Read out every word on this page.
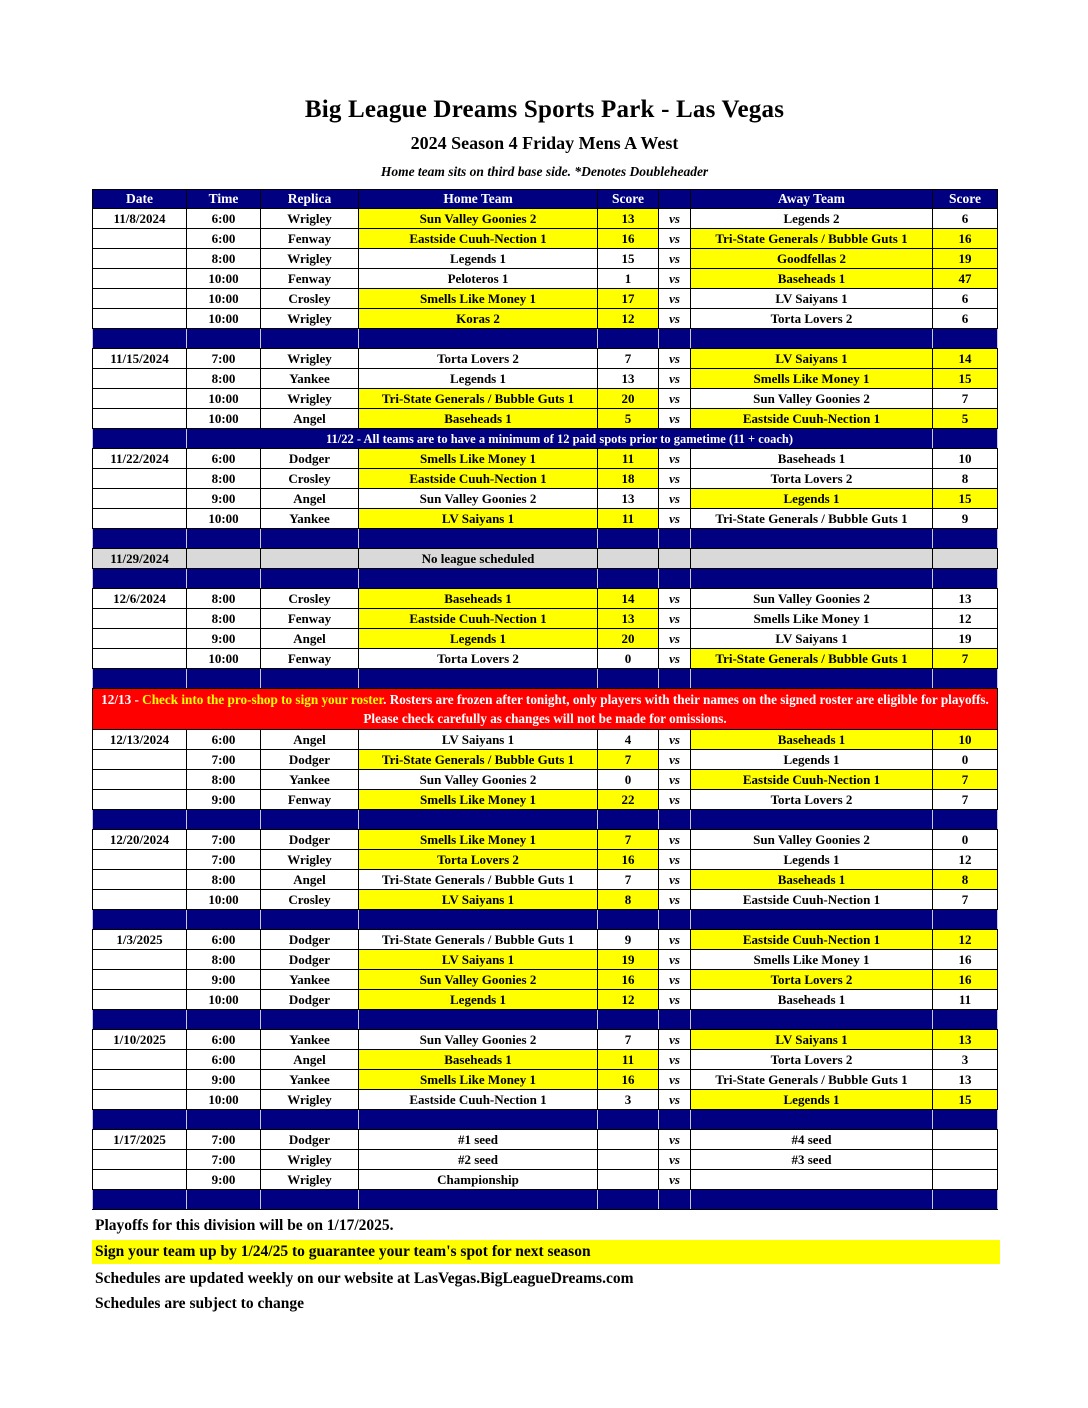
Big League Dreams Sports Park - Las Vegas
2024 Season 4 Friday Mens A West
Home team sits on third base side. *Denotes Doubleheader
Date	Time	Replica	Home Team	Score		Away Team	Score
11/8/2024	6:00	Wrigley	Sun Valley Goonies 2	13	vs	Legends 2	6
	6:00	Fenway	Eastside Cuuh-Nection 1	16	vs	Tri-State Generals / Bubble Guts 1	16
	8:00	Wrigley	Legends 1	15	vs	Goodfellas 2	19
	10:00	Fenway	Peloteros 1	1	vs	Baseheads 1	47
	10:00	Crosley	Smells Like Money 1	17	vs	LV Saiyans 1	6
	10:00	Wrigley	Koras 2	12	vs	Torta Lovers 2	6

11/15/2024	7:00	Wrigley	Torta Lovers 2	7	vs	LV Saiyans 1	14
	8:00	Yankee	Legends 1	13	vs	Smells Like Money 1	15
	10:00	Wrigley	Tri-State Generals / Bubble Guts 1	20	vs	Sun Valley Goonies 2	7
	10:00	Angel	Baseheads 1	5	vs	Eastside Cuuh-Nection 1	5
	11/22 - All teams are to have a minimum of 12 paid spots prior to gametime (11 + coach)						
11/22/2024	6:00	Dodger	Smells Like Money 1	11	vs	Baseheads 1	10
	8:00	Crosley	Eastside Cuuh-Nection 1	18	vs	Torta Lovers 2	8
	9:00	Angel	Sun Valley Goonies 2	13	vs	Legends 1	15
	10:00	Yankee	LV Saiyans 1	11	vs	Tri-State Generals / Bubble Guts 1	9

11/29/2024			No league scheduled				

12/6/2024	8:00	Crosley	Baseheads 1	14	vs	Sun Valley Goonies 2	13
	8:00	Fenway	Eastside Cuuh-Nection 1	13	vs	Smells Like Money 1	12
	9:00	Angel	Legends 1	20	vs	LV Saiyans 1	19
	10:00	Fenway	Torta Lovers 2	0	vs	Tri-State Generals / Bubble Guts 1	7

12/13 - Check into the pro-shop to sign your roster. Rosters are frozen after tonight, only players with their names on the signed roster are eligible for playoffs. Please check carefully as changes will not be made for omissions.							
12/13/2024	6:00	Angel	LV Saiyans 1	4	vs	Baseheads 1	10
	7:00	Dodger	Tri-State Generals / Bubble Guts 1	7	vs	Legends 1	0
	8:00	Yankee	Sun Valley Goonies 2	0	vs	Eastside Cuuh-Nection 1	7
	9:00	Fenway	Smells Like Money 1	22	vs	Torta Lovers 2	7

12/20/2024	7:00	Dodger	Smells Like Money 1	7	vs	Sun Valley Goonies 2	0
	7:00	Wrigley	Torta Lovers 2	16	vs	Legends 1	12
	8:00	Angel	Tri-State Generals / Bubble Guts 1	7	vs	Baseheads 1	8
	10:00	Crosley	LV Saiyans 1	8	vs	Eastside Cuuh-Nection 1	7

1/3/2025	6:00	Dodger	Tri-State Generals / Bubble Guts 1	9	vs	Eastside Cuuh-Nection 1	12
	8:00	Dodger	LV Saiyans 1	19	vs	Smells Like Money 1	16
	9:00	Yankee	Sun Valley Goonies 2	16	vs	Torta Lovers 2	16
	10:00	Dodger	Legends 1	12	vs	Baseheads 1	11

1/10/2025	6:00	Yankee	Sun Valley Goonies 2	7	vs	LV Saiyans 1	13
	6:00	Angel	Baseheads 1	11	vs	Torta Lovers 2	3
	9:00	Yankee	Smells Like Money 1	16	vs	Tri-State Generals / Bubble Guts 1	13
	10:00	Wrigley	Eastside Cuuh-Nection 1	3	vs	Legends 1	15

1/17/2025	7:00	Dodger	#1 seed		vs	#4 seed	
	7:00	Wrigley	#2 seed		vs	#3 seed	
	9:00	Wrigley	Championship		vs		

Playoffs for this division will be on 1/17/2025.
Sign your team up by 1/24/25 to guarantee your team's spot for next season
Schedules are updated weekly on our website at LasVegas.BigLeagueDreams.com
Schedules are subject to change
